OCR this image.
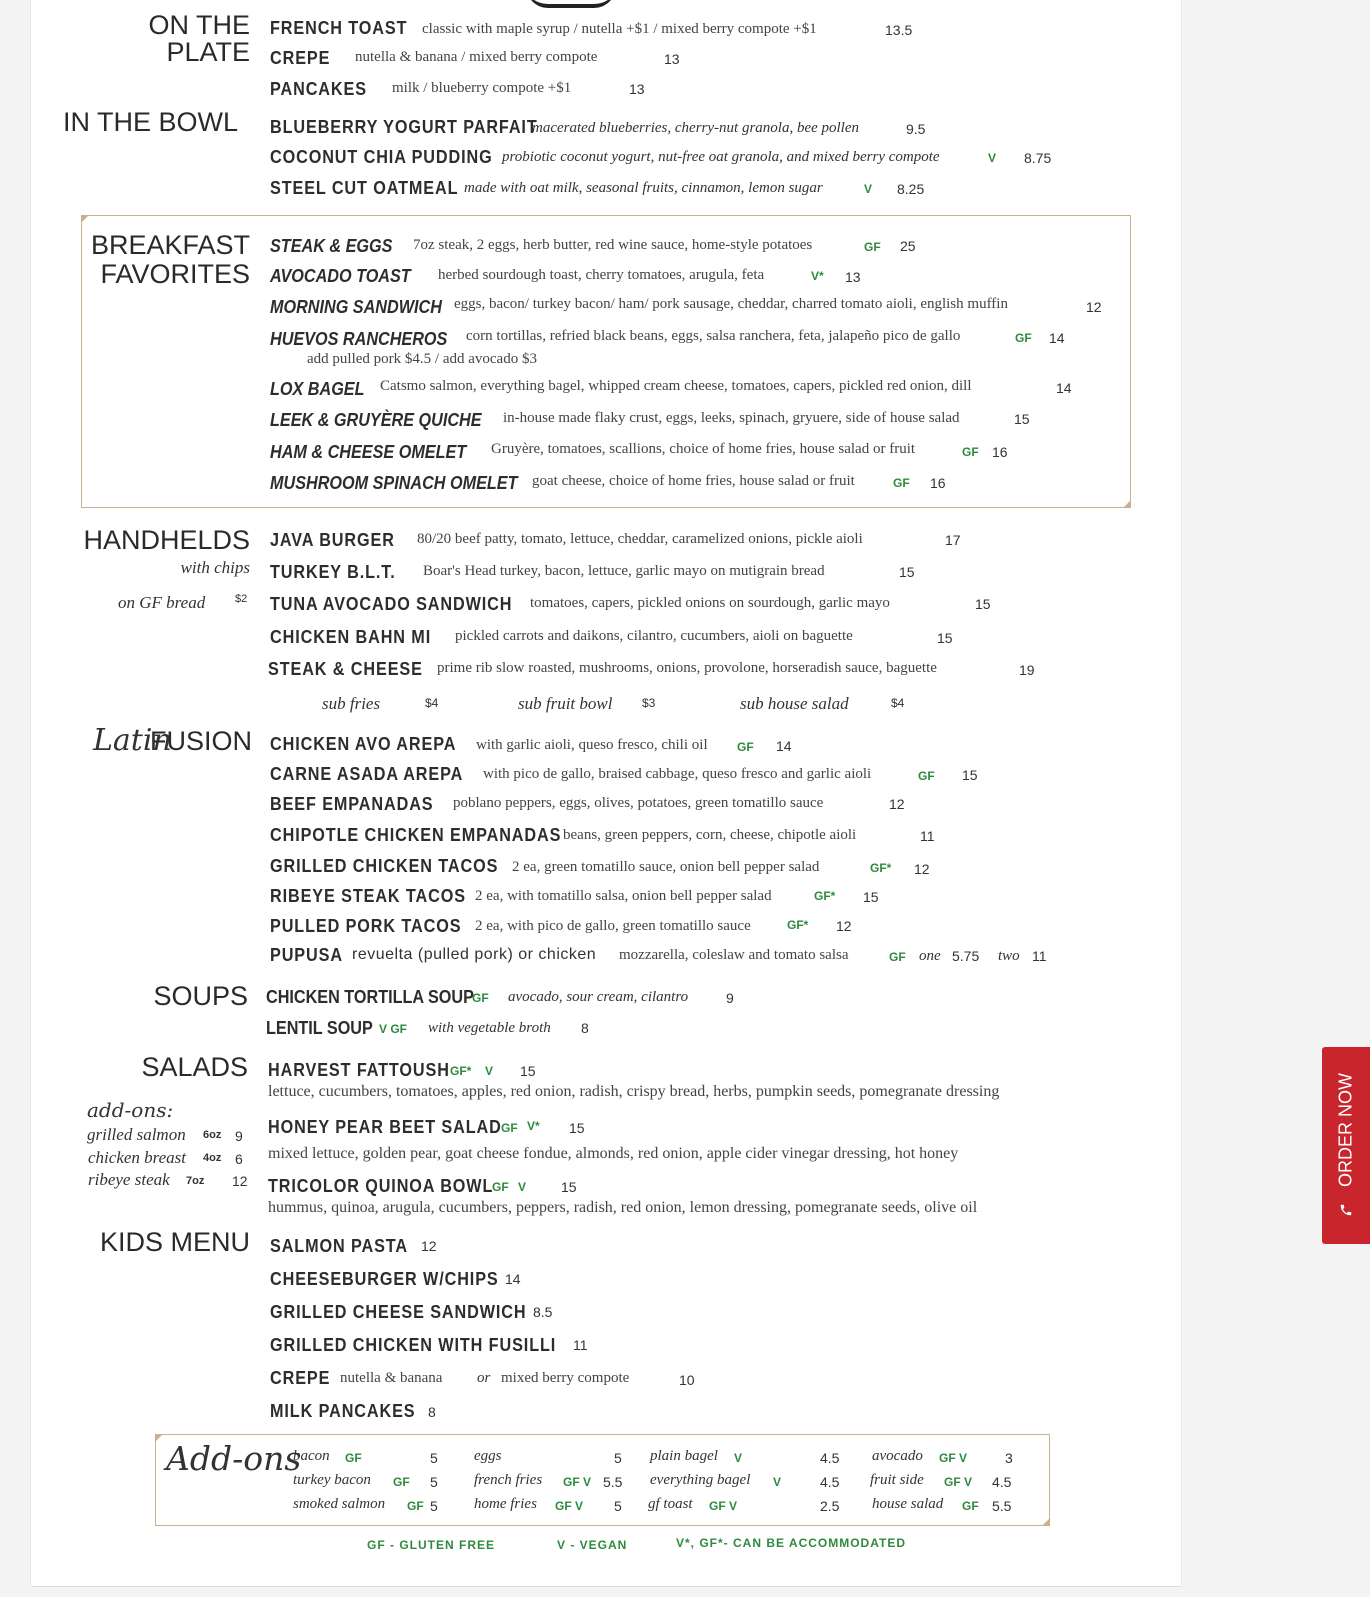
ON THE PLATE
IN THE BOWL
BREAKFAST
FAVORITES
HANDHELDS
with chips
on GF bread	$2
Latin
FUSION
SOUPS
SALADS
KIDS MENU
FRENCH TOAST classic with maple syrup / nutella +$1 / mixed berry compote +$1	13.5
CREPE	nutella & banana / mixed berry compote	13
PANCAKES	milk / blueberry compote +$1	13
BLUEBERRY YOGURT PARFAIT
macerated blueberries, cherry-nut granola, bee pollen	9.5
COCONUT CHIA PUDDING probiotic coconut yogurt, nut-free oat granola, and mixed berry compote	V 8.75
STEEL CUT OATMEAL made with oat milk, seasonal fruits, cinnamon, lemon sugar	V 8.25
STEAK & EGGS	7oz steak, 2 eggs, herb butter, red wine sauce, home-style potatoes	GF 25
AVOCADO TOAST	herbed sourdough toast, cherry tomatoes, arugula, feta	V* 13
MORNING SANDWICH eggs, bacon/ turkey bacon/ ham/ pork sausage, cheddar, charred tomato aioli, english muffin	12
HUEVOS RANCHEROS	corn tortillas, refried black beans, eggs, salsa ranchera, feta, jalapeño pico de gallo	GF 14
add pulled pork $4.5 / add avocado $3
LOX BAGEL	Catsmo salmon, everything bagel, whipped cream cheese, tomatoes, capers, pickled red onion, dill	14
LEEK & GRUYÈRE QUICHE	in-house made flaky crust, eggs, leeks, spinach, gryuere, side of house salad	15
HAM & CHEESE OMELET	Gruyère, tomatoes, scallions, choice of home fries, house salad or fruit	GF 16
MUSHROOM SPINACH OMELET goat cheese, choice of home fries, house salad or fruit	GF 16
JAVA BURGER	80/20 beef patty, tomato, lettuce, cheddar, caramelized onions, pickle aioli	17
TURKEY B.L.T.	Boar's Head turkey, bacon, lettuce, garlic mayo on mutigrain bread	15
TUNA AVOCADO SANDWICH	tomatoes, capers, pickled onions on sourdough, garlic mayo	15
CHICKEN BAHN MI	pickled carrots and daikons, cilantro, cucumbers, aioli on baguette	15
STEAK & CHEESE prime rib slow roasted, mushrooms, onions, provolone, horseradish sauce, baguette	19
sub fries	$4	sub fruit bowl $3	sub house salad	$4
CHICKEN AVO AREPA	with garlic aioli, queso fresco, chili oil GF 14
CARNE ASADA AREPA	with pico de gallo, braised cabbage, queso fresco and garlic aioli	GF 15
BEEF EMPANADAS	poblano peppers, eggs, olives, potatoes, green tomatillo sauce	12
CHIPOTLE CHICKEN EMPANADAS beans, green peppers, corn, cheese, chipotle aioli	11
GRILLED CHICKEN TACOS 2 ea, green tomatillo sauce, onion bell pepper salad	GF* 12
RIBEYE STEAK TACOS 2 ea, with tomatillo salsa, onion bell pepper salad	GF* 15
PULLED PORK TACOS 2 ea, with pico de gallo, green tomatillo sauce	GF* 12
PUPUSA revuelta (pulled pork) or chicken mozzarella, coleslaw and tomato salsa	GF one 5.75 two 11
CHICKEN TORTILLA SOUP
GF avocado, sour cream, cilantro	9
LENTIL SOUP V GF with vegetable broth 8
HARVEST FATTOUSH GF* V 15
lettuce, cucumbers, tomatoes, apples, red onion, radish, crispy bread, herbs, pumpkin seeds, pomegranate dressing
HONEY PEAR BEET SALAD GF V* 15
mixed lettuce, golden pear, goat cheese fondue, almonds, red onion, apple cider vinegar dressing, hot honey
TRICOLOR QUINOA BOWL
GF V 15
hummus, quinoa, arugula, cucumbers, peppers, radish, red onion, lemon dressing, pomegranate seeds, olive oil
add-ons:
grilled salmon 6oz 9
chicken breast 4oz 6
ribeye steak 7oz 12
SALMON PASTA 12
CHEESEBURGER W/CHIPS 14
GRILLED CHEESE SANDWICH 8.5
GRILLED CHICKEN WITH FUSILLI	11
CREPE nutella & banana or mixed berry compote	10
MILK PANCAKES 8
Add-ons
bacon GF	5
turkey bacon GF 5
smoked salmon GF 5
eggs	5
french fries GF V 5.5
home fries GF V 5
plain bagel V	4.5
everything bagel V	4.5
gf toast GF V	2.5
avocado GF V	3
fruit side GF V 4.5
house salad GF 5.5
GF - GLUTEN FREE	V - VEGAN	V*, GF*- CAN BE ACCOMMODATED
ORDER NOW
